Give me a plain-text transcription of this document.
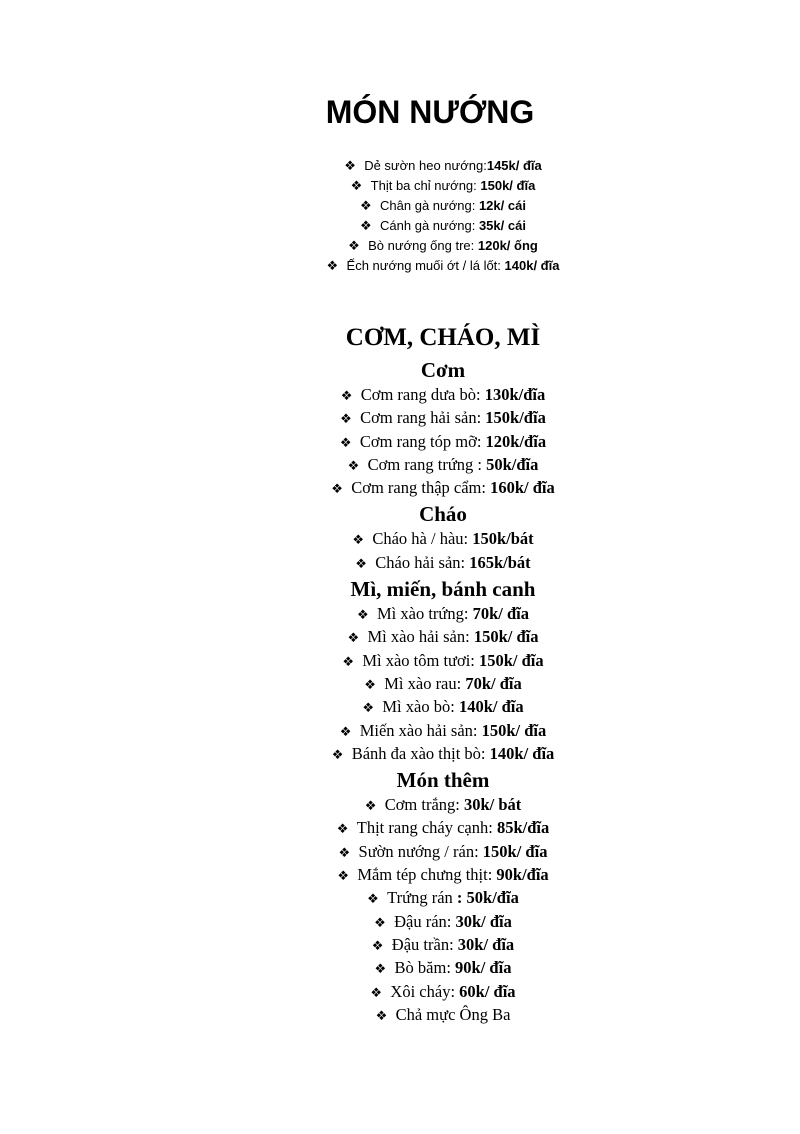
MÓN NƯỚNG
❖ Dẻ sườn heo nướng:145k/ đĩa
❖ Thịt ba chỉ nướng: 150k/ đĩa
❖ Chân gà nướng: 12k/ cái
❖ Cánh gà nướng: 35k/ cái
❖ Bò nướng ống tre: 120k/ ống
❖ Ếch nướng muối ớt / lá lốt: 140k/ đĩa
CƠM, CHÁO, MÌ
Cơm
❖ Cơm rang dưa bò: 130k/đĩa
❖ Cơm rang hải sản: 150k/đĩa
❖ Cơm rang tóp mỡ: 120k/đĩa
❖ Cơm rang trứng : 50k/đĩa
❖ Cơm rang thập cẩm: 160k/ đĩa
Cháo
❖ Cháo hà / hàu: 150k/bát
❖ Cháo hải sản: 165k/bát
Mì, miến, bánh canh
❖ Mì xào trứng: 70k/ đĩa
❖ Mì xào hải sản: 150k/ đĩa
❖ Mì xào tôm tươi: 150k/ đĩa
❖ Mì xào rau: 70k/ đĩa
❖ Mì xào bò: 140k/ đĩa
❖ Miến xào hải sản: 150k/ đĩa
❖ Bánh đa xào thịt bò: 140k/ đĩa
Món thêm
❖ Cơm trắng: 30k/ bát
❖ Thịt rang cháy cạnh: 85k/đĩa
❖ Sườn nướng / rán: 150k/ đĩa
❖ Mắm tép chưng thịt: 90k/đĩa
❖ Trứng rán : 50k/đĩa
❖ Đậu rán: 30k/ đĩa
❖ Đậu trần: 30k/ đĩa
❖ Bò băm: 90k/ đĩa
❖ Xôi cháy: 60k/ đĩa
❖ Chả mực Ông Ba
